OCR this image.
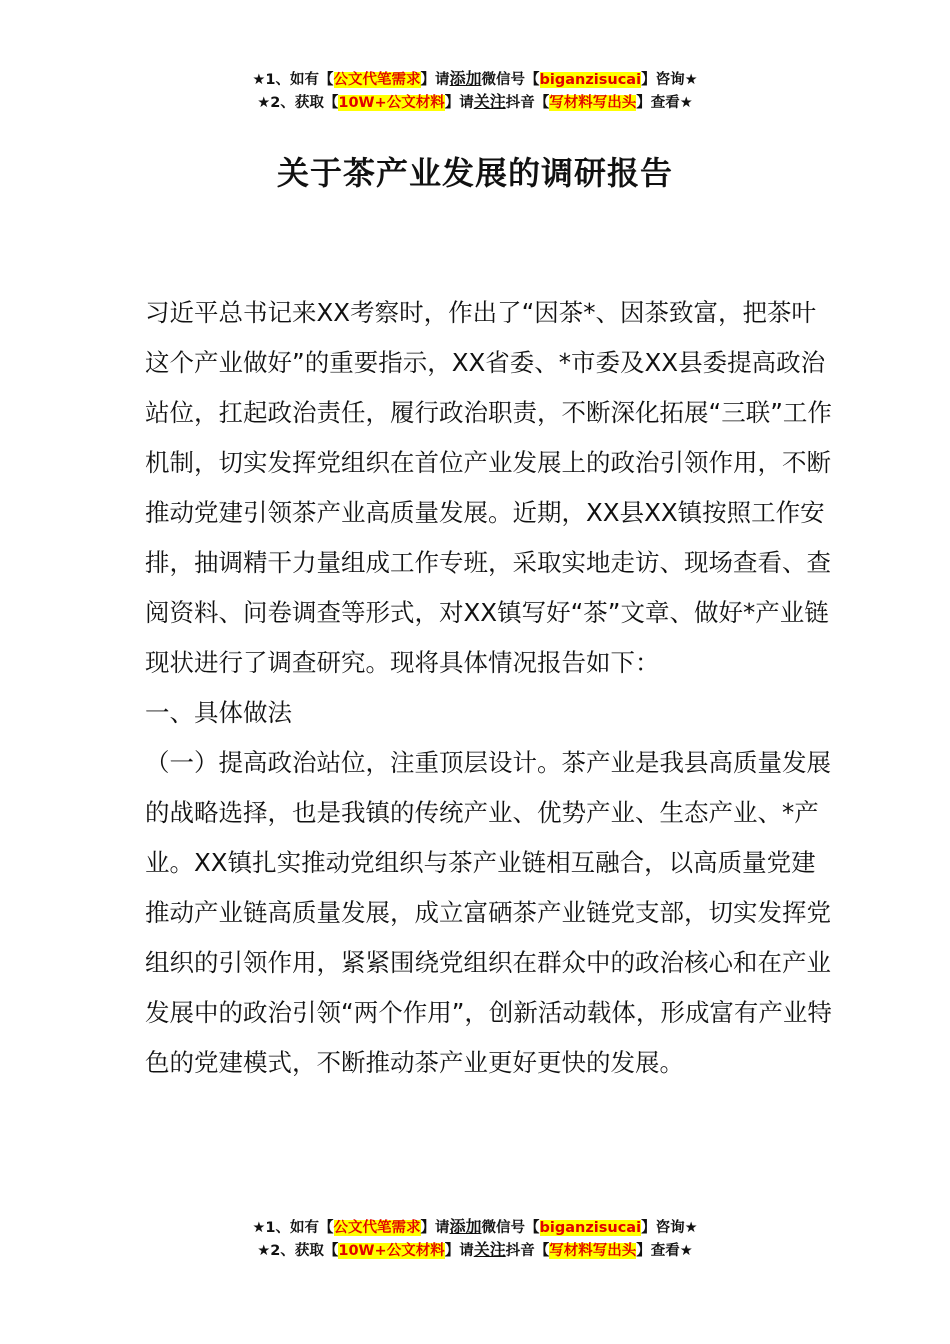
★1、如有【公文代笔需求】请添加微信号【biganzisucai】咨询★
★2、获取【10W+公文材料】请关注抖音【写材料写出头】查看★
关于茶产业发展的调研报告

习近平总书记来XX考察时，作出了“因茶*、因茶致富，把茶叶这个产业做好”的重要指示，XX省委、*市委及XX县委提高政治站位，扛起政治责任，履行政治职责，不断深化拓展“三联”工作机制，切实发挥党组织在首位产业发展上的政治引领作用，不断推动党建引领茶产业高质量发展。近期，XX县XX镇按照工作安排，抽调精干力量组成工作专班，采取实地走访、现场查看、查阅资料、问卷调查等形式，对XX镇写好“茶”文章、做好*产业链现状进行了调查研究。现将具体情况报告如下：

一、具体做法

（一）提高政治站位，注重顶层设计。茶产业是我县高质量发展的战略选择，也是我镇的传统产业、优势产业、生态产业、*产业。XX镇扎实推动党组织与茶产业链相互融合，以高质量党建推动产业链高质量发展，成立富硒茶产业链党支部，切实发挥党组织的引领作用，紧紧围绕党组织在群众中的政治核心和在产业发展中的政治引领“两个作用”，创新活动载体，形成富有产业特色的党建模式，不断推动茶产业更好更快的发展。

★1、如有【公文代笔需求】请添加微信号【biganzisucai】咨询★
★2、获取【10W+公文材料】请关注抖音【写材料写出头】查看★
